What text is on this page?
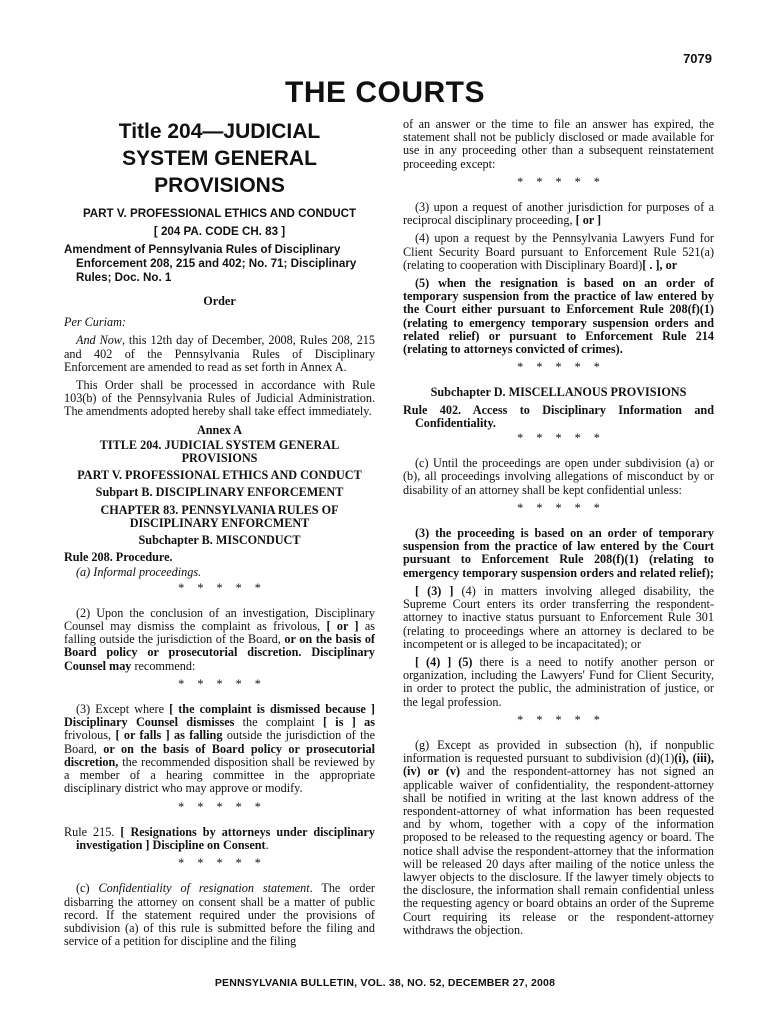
7079
THE COURTS
Title 204—JUDICIAL SYSTEM GENERAL PROVISIONS
PART V. PROFESSIONAL ETHICS AND CONDUCT
[ 204 PA. CODE CH. 83 ]
Amendment of Pennsylvania Rules of Disciplinary Enforcement 208, 215 and 402; No. 71; Disciplinary Rules; Doc. No. 1
Order
Per Curiam:
And Now, this 12th day of December, 2008, Rules 208, 215 and 402 of the Pennsylvania Rules of Disciplinary Enforcement are amended to read as set forth in Annex A.
This Order shall be processed in accordance with Rule 103(b) of the Pennsylvania Rules of Judicial Administration. The amendments adopted hereby shall take effect immediately.
Annex A
TITLE 204. JUDICIAL SYSTEM GENERAL PROVISIONS
PART V. PROFESSIONAL ETHICS AND CONDUCT
Subpart B. DISCIPLINARY ENFORCEMENT
CHAPTER 83. PENNSYLVANIA RULES OF DISCIPLINARY ENFORCMENT
Subchapter B. MISCONDUCT
Rule 208. Procedure.
(a) Informal proceedings.
* * * * *
(2) Upon the conclusion of an investigation, Disciplinary Counsel may dismiss the complaint as frivolous, [ or ] as falling outside the jurisdiction of the Board, or on the basis of Board policy or prosecutorial discretion. Disciplinary Counsel may recommend:
* * * * *
(3) Except where [ the complaint is dismissed because ] Disciplinary Counsel dismisses the complaint [ is ] as frivolous, [ or falls ] as falling outside the jurisdiction of the Board, or on the basis of Board policy or prosecutorial discretion, the recommended disposition shall be reviewed by a member of a hearing committee in the appropriate disciplinary district who may approve or modify.
* * * * *
Rule 215. [ Resignations by attorneys under disciplinary investigation ] Discipline on Consent.
* * * * *
(c) Confidentiality of resignation statement. The order disbarring the attorney on consent shall be a matter of public record. If the statement required under the provisions of subdivision (a) of this rule is submitted before the filing and service of a petition for discipline and the filing
of an answer or the time to file an answer has expired, the statement shall not be publicly disclosed or made available for use in any proceeding other than a subsequent reinstatement proceeding except:
* * * * *
(3) upon a request of another jurisdiction for purposes of a reciprocal disciplinary proceeding, [ or ]
(4) upon a request by the Pennsylvania Lawyers Fund for Client Security Board pursuant to Enforcement Rule 521(a) (relating to cooperation with Disciplinary Board)[ . ], or
(5) when the resignation is based on an order of temporary suspension from the practice of law entered by the Court either pursuant to Enforcement Rule 208(f)(1) (relating to emergency temporary suspension orders and related relief) or pursuant to Enforcement Rule 214 (relating to attorneys convicted of crimes).
* * * * *
Subchapter D. MISCELLANOUS PROVISIONS
Rule 402. Access to Disciplinary Information and Confidentiality.
* * * * *
(c) Until the proceedings are open under subdivision (a) or (b), all proceedings involving allegations of misconduct by or disability of an attorney shall be kept confidential unless:
* * * * *
(3) the proceeding is based on an order of temporary suspension from the practice of law entered by the Court pursuant to Enforcement Rule 208(f)(1) (relating to emergency temporary suspension orders and related relief);
[ (3) ] (4) in matters involving alleged disability, the Supreme Court enters its order transferring the respondent-attorney to inactive status pursuant to Enforcement Rule 301 (relating to proceedings where an attorney is declared to be incompetent or is alleged to be incapacitated); or
[ (4) ] (5) there is a need to notify another person or organization, including the Lawyers' Fund for Client Security, in order to protect the public, the administration of justice, or the legal profession.
* * * * *
(g) Except as provided in subsection (h), if nonpublic information is requested pursuant to subdivision (d)(1)(i), (iii), (iv) or (v) and the respondent-attorney has not signed an applicable waiver of confidentiality, the respondent-attorney shall be notified in writing at the last known address of the respondent-attorney of what information has been requested and by whom, together with a copy of the information proposed to be released to the requesting agency or board. The notice shall advise the respondent-attorney that the information will be released 20 days after mailing of the notice unless the lawyer objects to the disclosure. If the lawyer timely objects to the disclosure, the information shall remain confidential unless the requesting agency or board obtains an order of the Supreme Court requiring its release or the respondent-attorney withdraws the objection.
PENNSYLVANIA BULLETIN, VOL. 38, NO. 52, DECEMBER 27, 2008
